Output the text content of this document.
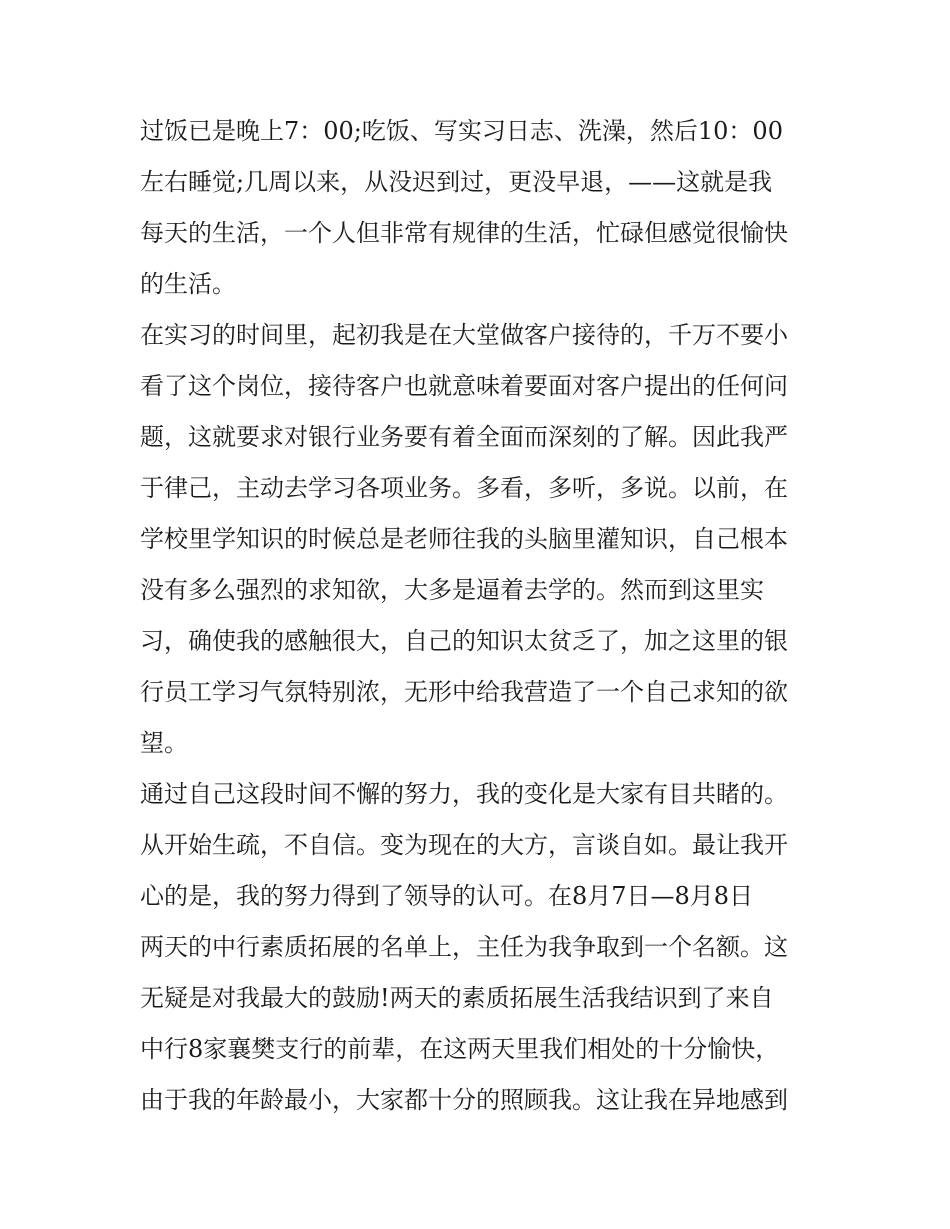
过饭已是晚上7：00;吃饭、写实习日志、洗澡，然后10：00
左右睡觉;几周以来，从没迟到过，更没早退，——这就是我
每天的生活，一个人但非常有规律的生活，忙碌但感觉很愉快
的生活。
在实习的时间里，起初我是在大堂做客户接待的，千万不要小
看了这个岗位，接待客户也就意味着要面对客户提出的任何问
题，这就要求对银行业务要有着全面而深刻的了解。因此我严
于律己，主动去学习各项业务。多看，多听，多说。以前，在
学校里学知识的时候总是老师往我的头脑里灌知识，自己根本
没有多么强烈的求知欲，大多是逼着去学的。然而到这里实
习，确使我的感触很大，自己的知识太贫乏了，加之这里的银
行员工学习气氛特别浓，无形中给我营造了一个自己求知的欲
望。
通过自己这段时间不懈的努力，我的变化是大家有目共睹的。
从开始生疏，不自信。变为现在的大方，言谈自如。最让我开
心的是，我的努力得到了领导的认可。在8月7日—8月8日
两天的中行素质拓展的名单上，主任为我争取到一个名额。这
无疑是对我最大的鼓励!两天的素质拓展生活我结识到了来自
中行8家襄樊支行的前辈，在这两天里我们相处的十分愉快，
由于我的年龄最小，大家都十分的照顾我。这让我在异地感到
